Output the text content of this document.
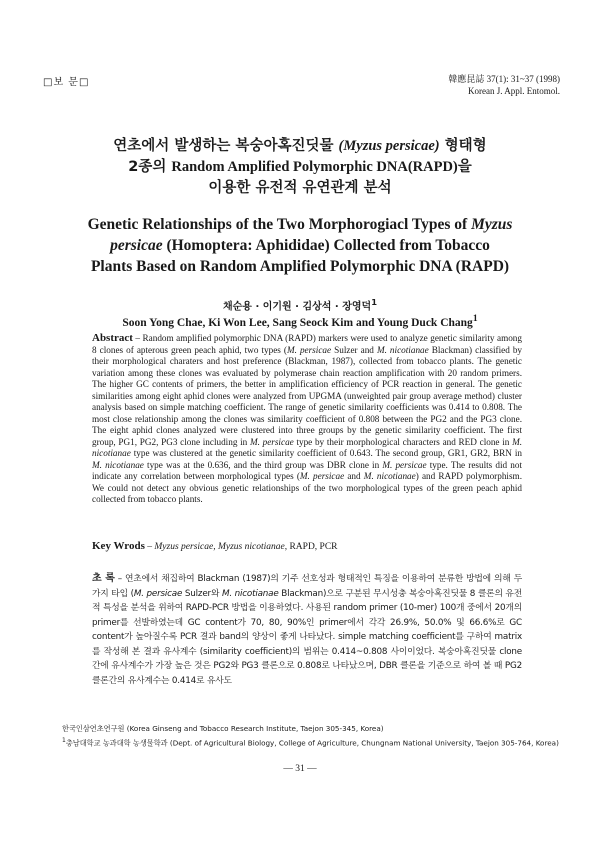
□보 문□	韓應昆誌 37(1): 31~37 (1998)
Korean J. Appl. Entomol.
연초에서 발생하는 복숭아혹진딧물 (Myzus persicae) 형태형
2종의 Random Amplified Polymorphic DNA(RAPD)을
이용한 유전적 유연관계 분석
Genetic Relationships of the Two Morphorogiacl Types of Myzus
persicae (Homoptera: Aphididae) Collected from Tobacco
Plants Based on Random Amplified Polymorphic DNA (RAPD)
채순용 · 이기원 · 김상석 · 장영덕$^1$
Soon Yong Chae, Ki Won Lee, Sang Seock Kim and Young Duck Chang$^1$
Abstract – Random amplified polymorphic DNA (RAPD) markers were used to analyze genetic similarity among 8 clones of apterous green peach aphid, two types (M. persicae Sulzer and M. nicotianae Blackman) classified by their morphological charaters and host preference (Blackman, 1987), collected from tobacco plants. The genetic variation among these clones was evaluated by polymerase chain reaction amplification with 20 random primers. The higher GC contents of primers, the better in amplification efficiency of PCR reaction in general. The genetic similarities among eight aphid clones were analyzed from UPGMA (unweighted pair group average method) cluster analysis based on simple matching coefficient. The range of genetic similarity coefficients was 0.414 to 0.808. The most close relationship among the clones was similarity coefficient of 0.808 between the PG2 and the PG3 clone. The eight aphid clones analyzed were clustered into three groups by the genetic similarity coefficient. The first group, PG1, PG2, PG3 clone including in M. persicae type by their morphological characters and RED clone in M. nicotianae type was clustered at the genetic similarity coefficient of 0.643. The second group, GR1, GR2, BRN in M. nicotianae type was at the 0.636, and the third group was DBR clone in M. persicae type. The results did not indicate any correlation between morphological types (M. persicae and M. nicotianae) and RAPD polymorphism. We could not detect any obvious genetic relationships of the two morphological types of the green peach aphid collected from tobacco plants.
Key Wrods – Myzus persicae, Myzus nicotianae, RAPD, PCR
초 록 – 연초에서 채집하여 Blackman (1987)의 기주 선호성과 형태적인 특징을 이용하여 분류한 방법에 의해 두가지 타입 (M. persicae Sulzer와 M. nicotianae Blackman)으로 구분된 무시성충 복숭아혹진딧물 8 클론의 유전적 특성을 분석을 위하여 RAPD-PCR 방법을 이용하였다. 사용된 random primer (10-mer) 100개 중에서 20개의 primer를 선발하였는데 GC content가 70, 80, 90%인 primer에서 각각 26.9%, 50.0% 및 66.6%로 GC content가 높아질수록 PCR 결과 band의 양상이 좋게 나타났다. simple matching coefficient를 구하여 matrix를 작성해 본 결과 유사계수 (similarity coefficient)의 범위는 0.414~0.808 사이이었다. 복숭아혹진딧물 clone 간에 유사계수가 가장 높은 것은 PG2와 PG3 클론으로 0.808로 나타났으며, DBR 클론을 기준으로 하여 볼 때 PG2 클론간의 유사계수는 0.414로 유사도
한국인삼연초연구원 (Korea Ginseng and Tobacco Research Institute, Taejon 305-345, Korea)
$^1$충남대학교 농과대학 농생물학과 (Dept. of Agricultural Biology, College of Agriculture, Chungnam National University, Taejon 305-764, Korea)
— 31 —
